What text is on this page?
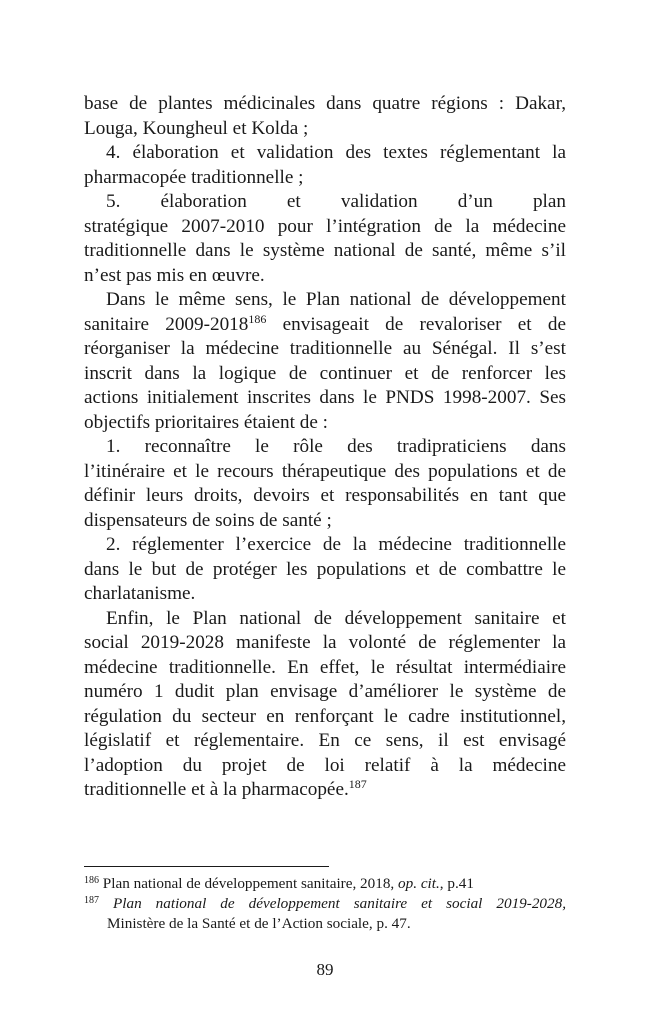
base de plantes médicinales dans quatre régions : Dakar,
Louga, Koungheul et Kolda ;
4. élaboration et validation des textes réglementant la
pharmacopée traditionnelle ;
5. élaboration et validation d’un plan
stratégique 2007-2010 pour l’intégration de la médecine
traditionnelle dans le système national de santé, même s’il
n’est pas mis en œuvre.
Dans le même sens, le Plan national de développement
sanitaire 2009-2018$^{186}$ envisageait de revaloriser et de
réorganiser la médecine traditionnelle au Sénégal. Il s’est
inscrit dans la logique de continuer et de renforcer les
actions initialement inscrites dans le PNDS 1998-2007. Ses
objectifs prioritaires étaient de :
1. reconnaître le rôle des tradipraticiens dans
l’itinéraire et le recours thérapeutique des populations et de
définir leurs droits, devoirs et responsabilités en tant que
dispensateurs de soins de santé ;
2. réglementer l’exercice de la médecine traditionnelle
dans le but de protéger les populations et de combattre le
charlatanisme.
Enfin, le Plan national de développement sanitaire et
social 2019-2028 manifeste la volonté de réglementer la
médecine traditionnelle. En effet, le résultat intermédiaire
numéro 1 dudit plan envisage d’améliorer le système de
régulation du secteur en renforçant le cadre institutionnel,
législatif et réglementaire. En ce sens, il est envisagé
l’adoption du projet de loi relatif à la médecine
traditionnelle et à la pharmacopée.$^{187}$
$^{186}$ Plan national de développement sanitaire, 2018, op. cit., p.41
$^{187}$ Plan national de développement sanitaire et social 2019-2028,
Ministère de la Santé et de l’Action sociale, p. 47.
89
